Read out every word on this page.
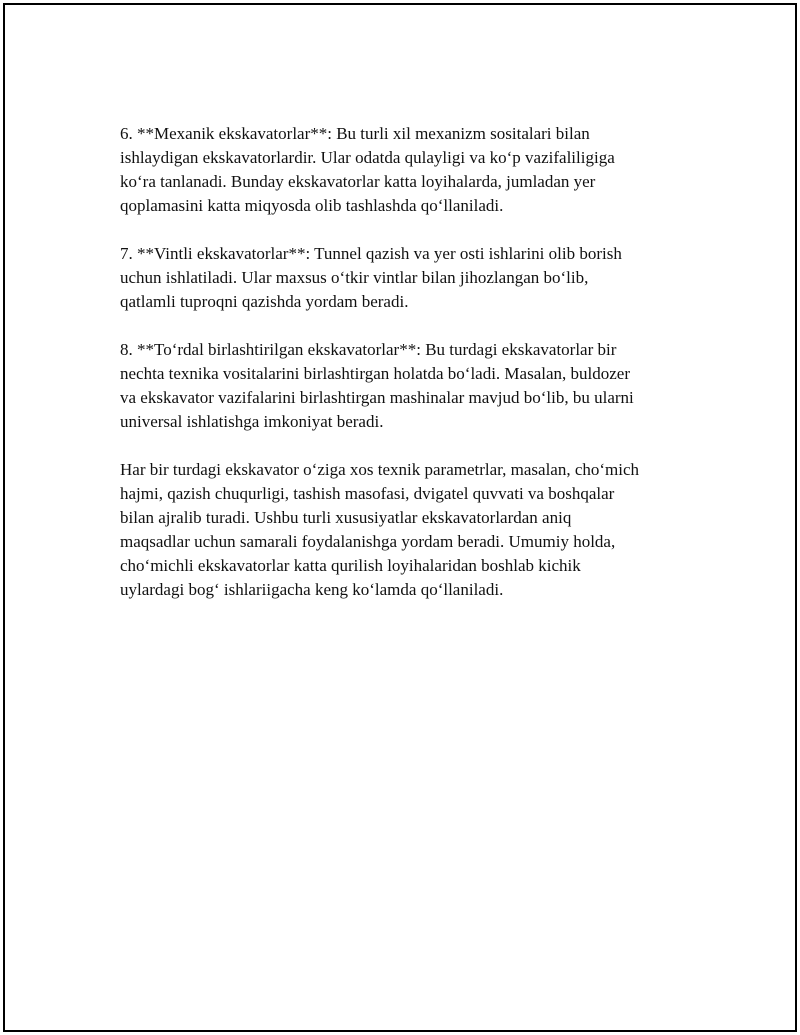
6. **Mexanik ekskavatorlar**: Bu turli xil mexanizm sositalari bilan
ishlaydigan ekskavatorlardir. Ular odatda qulayligi va ko‘p vazifaliligiga
ko‘ra tanlanadi. Bunday ekskavatorlar katta loyihalarda, jumladan yer
qoplamasini katta miqyosda olib tashlashda qo‘llaniladi.

7. **Vintli ekskavatorlar**: Tunnel qazish va yer osti ishlarini olib borish
uchun ishlatiladi. Ular maxsus o‘tkir vintlar bilan jihozlangan bo‘lib,
qatlamli tuproqni qazishda yordam beradi.

8. **To‘rdal birlashtirilgan ekskavatorlar**: Bu turdagi ekskavatorlar bir
nechta texnika vositalarini birlashtirgan holatda bo‘ladi. Masalan, buldozer
va ekskavator vazifalarini birlashtirgan mashinalar mavjud bo‘lib, bu ularni
universal ishlatishga imkoniyat beradi.

Har bir turdagi ekskavator o‘ziga xos texnik parametrlar, masalan, cho‘mich
hajmi, qazish chuqurligi, tashish masofasi, dvigatel quvvati va boshqalar
bilan ajralib turadi. Ushbu turli xususiyatlar ekskavatorlardan aniq
maqsadlar uchun samarali foydalanishga yordam beradi. Umumiy holda,
cho‘michli ekskavatorlar katta qurilish loyihalaridan boshlab kichik
uylardagi bog‘ ishlariigacha keng ko‘lamda qo‘llaniladi.
